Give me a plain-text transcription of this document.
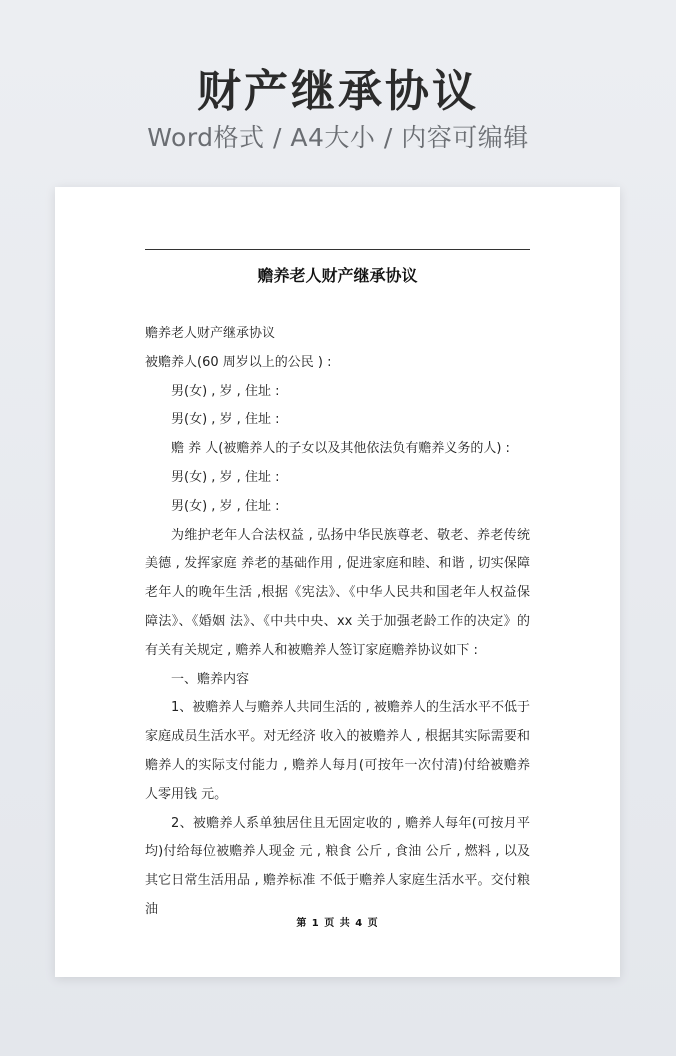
财产继承协议
Word格式 / A4大小 / 内容可编辑
赡养老人财产继承协议

赡养老人财产继承协议

被赡养人(60 周岁以上的公民 ) :

男(女) , 岁 , 住址 :

男(女) , 岁 , 住址 :

赡 养 人(被赡养人的子女以及其他依法负有赡养义务的人) :

男(女) , 岁 , 住址 :

男(女) , 岁 , 住址 :

为维护老年人合法权益 , 弘扬中华民族尊老、敬老、养老传统美德 , 发挥家庭 养老的基础作用 , 促进家庭和睦、和谐 , 切实保障老年人的晚年生活 ,根据《宪法》、《中华人民共和国老年人权益保障法》、《婚姻 法》、《中共中央、xx 关于加强老龄工作的决定》的有关有关规定 , 赡养人和被赡养人签订家庭赡养协议如下 :

一、赡养内容

1、被赡养人与赡养人共同生活的 , 被赡养人的生活水平不低于家庭成员生活水平。对无经济 收入的被赡养人 , 根据其实际需要和赡养人的实际支付能力 , 赡养人每月(可按年一次付清)付给被赡养人零用钱 元。

2、被赡养人系单独居住且无固定收的 , 赡养人每年(可按月平均)付给每位被赡养人现金 元 , 粮食 公斤 , 食油 公斤 , 燃料 , 以及其它日常生活用品 , 赡养标准 不低于赡养人家庭生活水平。交付粮油

第 1 页 共 4 页
